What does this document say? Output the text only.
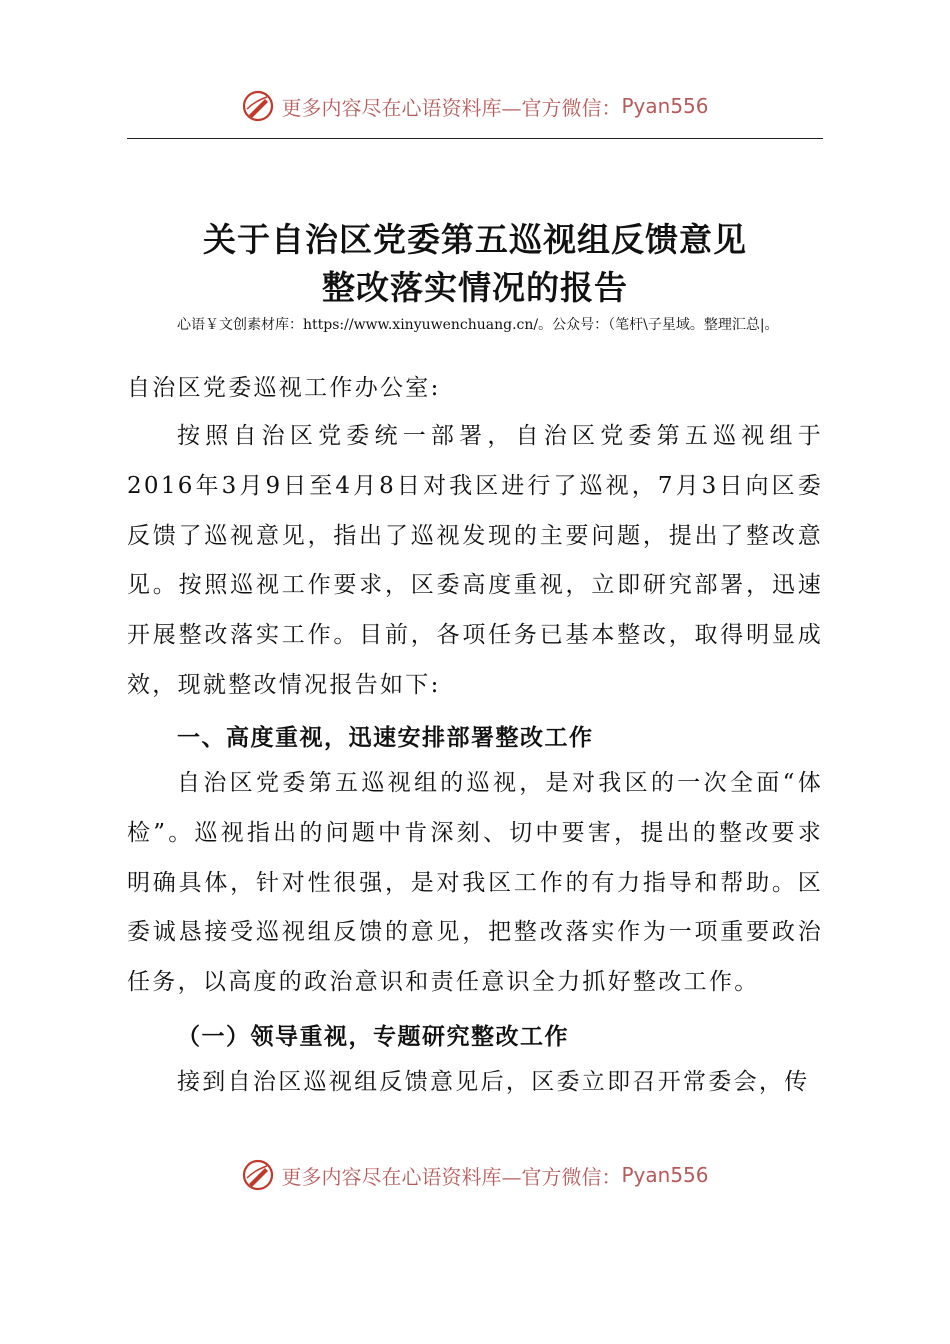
更多内容尽在心语资料库—官方微信： Pyan556
关于自治区党委第五巡视组反馈意见
整改落实情况的报告
心语￥文创素材库：https://www.xinyuwenchuang.cn/。公众号：（笔杆\子星域。整理汇总|。
自治区党委巡视工作办公室:
按照自治区党委统一部署，自治区党委第五巡视组于2016年3月9日至4月8日对我区进行了巡视，7月3日向区委反馈了巡视意见，指出了巡视发现的主要问题，提出了整改意见。按照巡视工作要求，区委高度重视，立即研究部署，迅速开展整改落实工作。目前，各项任务已基本整改，取得明显成效，现就整改情况报告如下:
一、高度重视，迅速安排部署整改工作
自治区党委第五巡视组的巡视，是对我区的一次全面“体检”。巡视指出的问题中肯深刻、切中要害，提出的整改要求明确具体，针对性很强，是对我区工作的有力指导和帮助。区委诚恳接受巡视组反馈的意见，把整改落实作为一项重要政治任务，以高度的政治意识和责任意识全力抓好整改工作。
（一）领导重视，专题研究整改工作
接到自治区巡视组反馈意见后，区委立即召开常委会，传
更多内容尽在心语资料库—官方微信： Pyan556
